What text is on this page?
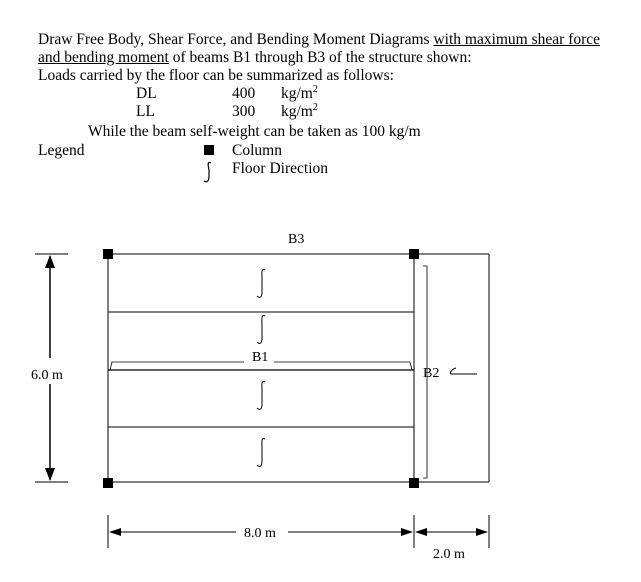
Draw Free Body, Shear Force, and Bending Moment Diagrams with maximum shear force
and bending moment of beams B1 through B3 of the structure shown:
Loads carried by the floor can be summarized as follows:
DL	400 $kg/m^2$
LL	300 $kg/m^2$
While the beam self-weight can be taken as 100 kg/m
Legend	Column
Floor Direction
B1
B2
B3
6.0 m
8.0 m
2.0 m
